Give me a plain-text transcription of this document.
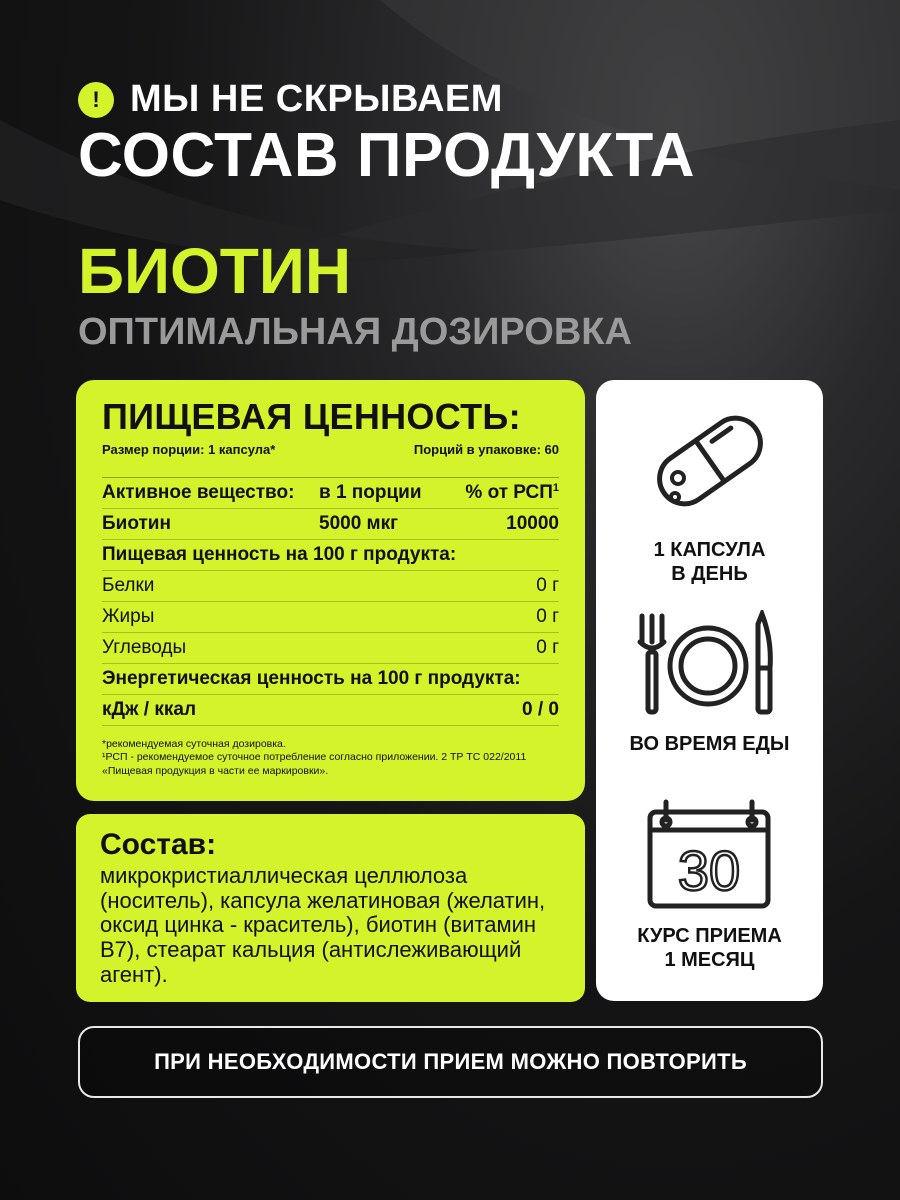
! МЫ НЕ СКРЫВАЕМ
СОСТАВ ПРОДУКТА
БИОТИН
ОПТИМАЛЬНАЯ ДОЗИРОВКА
ПИЩЕВАЯ ЦЕННОСТЬ:
Размер порции: 1 капсула*	Порций в упаковке: 60
Активное вещество:	в 1 порции	% от РСП$^1$
Биотин	5000 мкг	10000
Пищевая ценность на 100 г продукта:
Белки	0 г
Жиры	0 г
Углеводы	0 г
Энергетическая ценность на 100 г продукта:
кДж / ккал	0 / 0
*рекомендуемая суточная дозировка.
¹РСП - рекомендуемое суточное потребление согласно приложении. 2 ТР ТС 022/2011 «Пищевая продукция в части ее маркировки».
Состав:
микрокристиаллическая целлюлоза (носитель), капсула желатиновая (желатин, оксид цинка - краситель), биотин (витамин В7), стеарат кальция (антислеживающий агент).
1 КАПСУЛА
В ДЕНЬ
ВО ВРЕМЯ ЕДЫ
30
КУРС ПРИЕМА
1 МЕСЯЦ
ПРИ НЕОБХОДИМОСТИ ПРИЕМ МОЖНО ПОВТОРИТЬ
